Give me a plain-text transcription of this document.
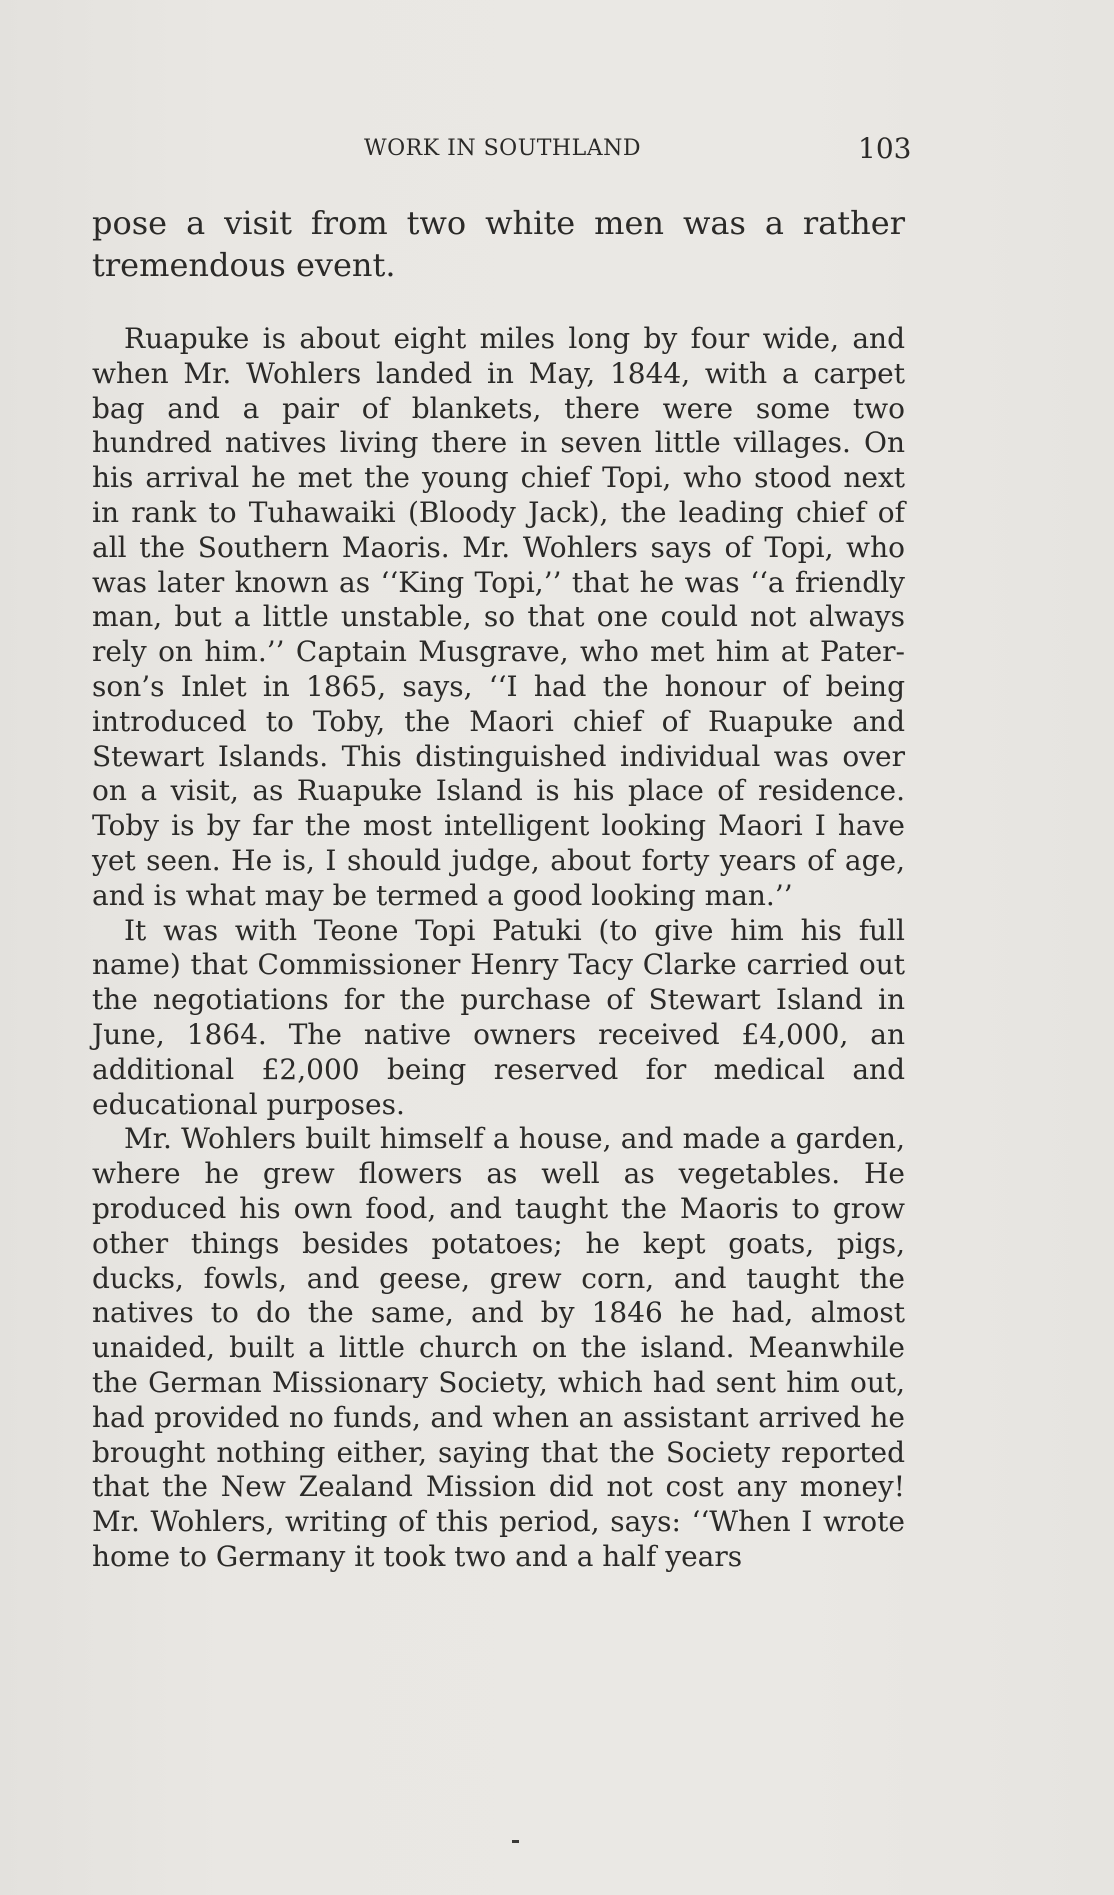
WORK IN SOUTHLAND	103

pose a visit from two white men was a rather tremendous event.

Ruapuke is about eight miles long by four wide, and when Mr. Wohlers landed in May, 1844, with a carpet bag and a pair of blankets, there were some two hundred natives living there in seven little villages. On his arrival he met the young chief Topi, who stood next in rank to Tuhawaiki (Bloody Jack), the leading chief of all the Southern Maoris. Mr. Wohlers says of Topi, who was later known as ‘‘King Topi,’’ that he was ‘‘a friendly man, but a little unstable, so that one could not always rely on him.’’ Captain Musgrave, who met him at Paterson’s Inlet in 1865, says, ‘‘I had the honour of being introduced to Toby, the Maori chief of Ruapuke and Stewart Islands. This distinguished individual was over on a visit, as Ruapuke Island is his place of residence. Toby is by far the most intelligent looking Maori I have yet seen. He is, I should judge, about forty years of age, and is what may be termed a good looking man.’’

It was with Teone Topi Patuki (to give him his full name) that Commissioner Henry Tacy Clarke carried out the negotiations for the purchase of Stewart Island in June, 1864. The native owners received £4,000, an additional £2,000 being reserved for medical and educational purposes.

Mr. Wohlers built himself a house, and made a garden, where he grew flowers as well as vegetables. He produced his own food, and taught the Maoris to grow other things besides potatoes; he kept goats, pigs, ducks, fowls, and geese, grew corn, and taught the natives to do the same, and by 1846 he had, almost unaided, built a little church on the island. Meanwhile the German Missionary Society, which had sent him out, had provided no funds, and when an assistant arrived he brought nothing either, saying that the Society reported that the New Zealand Mission did not cost any money! Mr. Wohlers, writing of this period, says: ‘‘When I wrote home to Germany it took two and a half years
